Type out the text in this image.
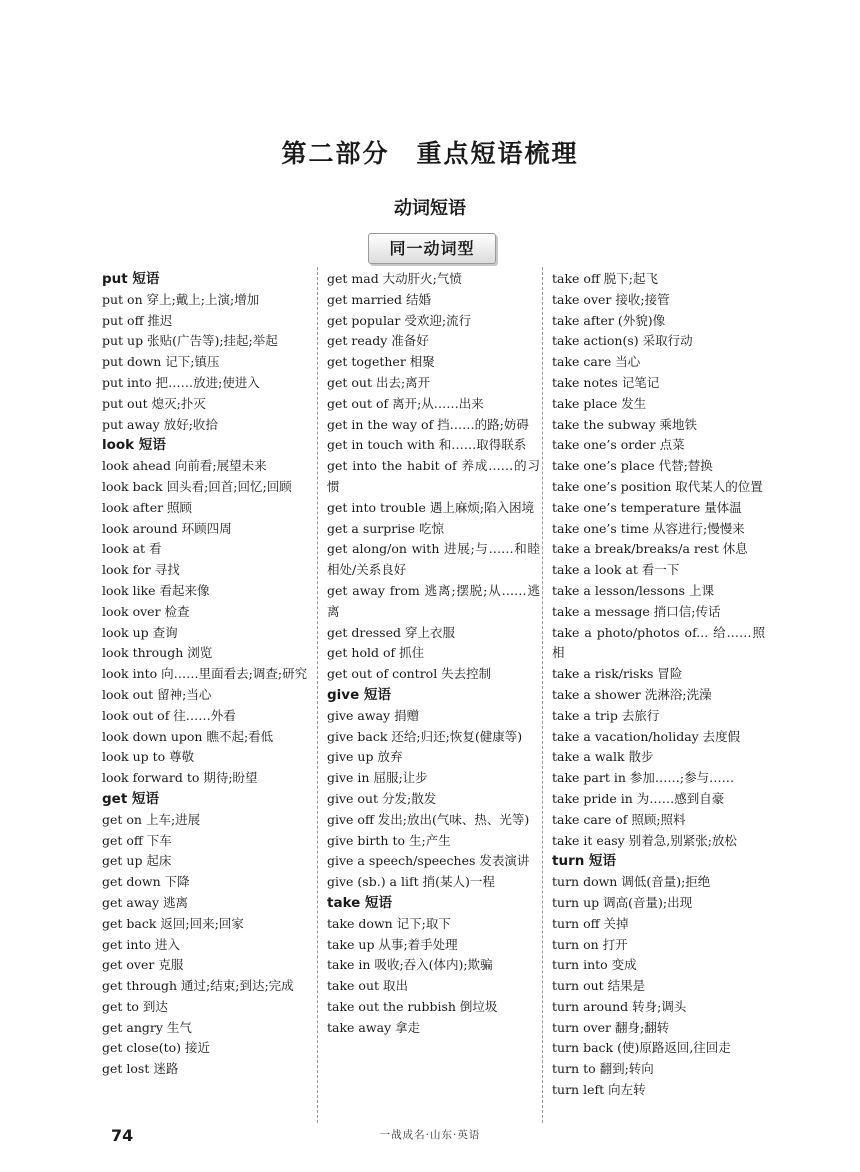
第二部分　重点短语梳理
动词短语
同一动词型
put 短语
put on 穿上;戴上;上演;增加
put off 推迟
put up 张贴(广告等);挂起;举起
put down 记下;镇压
put into 把……放进;使进入
put out 熄灭;扑灭
put away 放好;收拾
look 短语
look ahead 向前看;展望未来
look back 回头看;回首;回忆;回顾
look after 照顾
look around 环顾四周
look at 看
look for 寻找
look like 看起来像
look over 检查
look up 查询
look through 浏览
look into 向……里面看去;调查;研究
look out 留神;当心
look out of 往……外看
look down upon 瞧不起;看低
look up to 尊敬
look forward to 期待;盼望
get 短语
get on 上车;进展
get off 下车
get up 起床
get down 下降
get away 逃离
get back 返回;回来;回家
get into 进入
get over 克服
get through 通过;结束;到达;完成
get to 到达
get angry 生气
get close(to) 接近
get lost 迷路
get mad 大动肝火;气愤
get married 结婚
get popular 受欢迎;流行
get ready 准备好
get together 相聚
get out 出去;离开
get out of 离开;从……出来
get in the way of 挡……的路;妨碍
get in touch with 和……取得联系
get into the habit of 养成……的习惯
get into trouble 遇上麻烦;陷入困境
get a surprise 吃惊
get along/on with 进展;与……和睦相处/关系良好
get away from 逃离;摆脱;从……逃离
get dressed 穿上衣服
get hold of 抓住
get out of control 失去控制
give 短语
give away 捐赠
give back 还给;归还;恢复(健康等)
give up 放弃
give in 屈服;让步
give out 分发;散发
give off 发出;放出(气味、热、光等)
give birth to 生;产生
give a speech/speeches 发表演讲
give (sb.) a lift 捎(某人)一程
take 短语
take down 记下;取下
take up 从事;着手处理
take in 吸收;吞入(体内);欺骗
take out 取出
take out the rubbish 倒垃圾
take away 拿走
take off 脱下;起飞
take over 接收;接管
take after (外貌)像
take action(s) 采取行动
take care 当心
take notes 记笔记
take place 发生
take the subway 乘地铁
take one’s order 点菜
take one’s place 代替;替换
take one’s position 取代某人的位置
take one’s temperature 量体温
take one’s time 从容进行;慢慢来
take a break/breaks/a rest 休息
take a look at 看一下
take a lesson/lessons 上课
take a message 捎口信;传话
take a photo/photos of... 给……照相
take a risk/risks 冒险
take a shower 洗淋浴;洗澡
take a trip 去旅行
take a vacation/holiday 去度假
take a walk 散步
take part in 参加……;参与……
take pride in 为……感到自豪
take care of 照顾;照料
take it easy 别着急,别紧张;放松
turn 短语
turn down 调低(音量);拒绝
turn up 调高(音量);出现
turn off 关掉
turn on 打开
turn into 变成
turn out 结果是
turn around 转身;调头
turn over 翻身;翻转
turn back (使)原路返回,往回走
turn to 翻到;转向
turn left 向左转

74	一战成名·山东·英语
